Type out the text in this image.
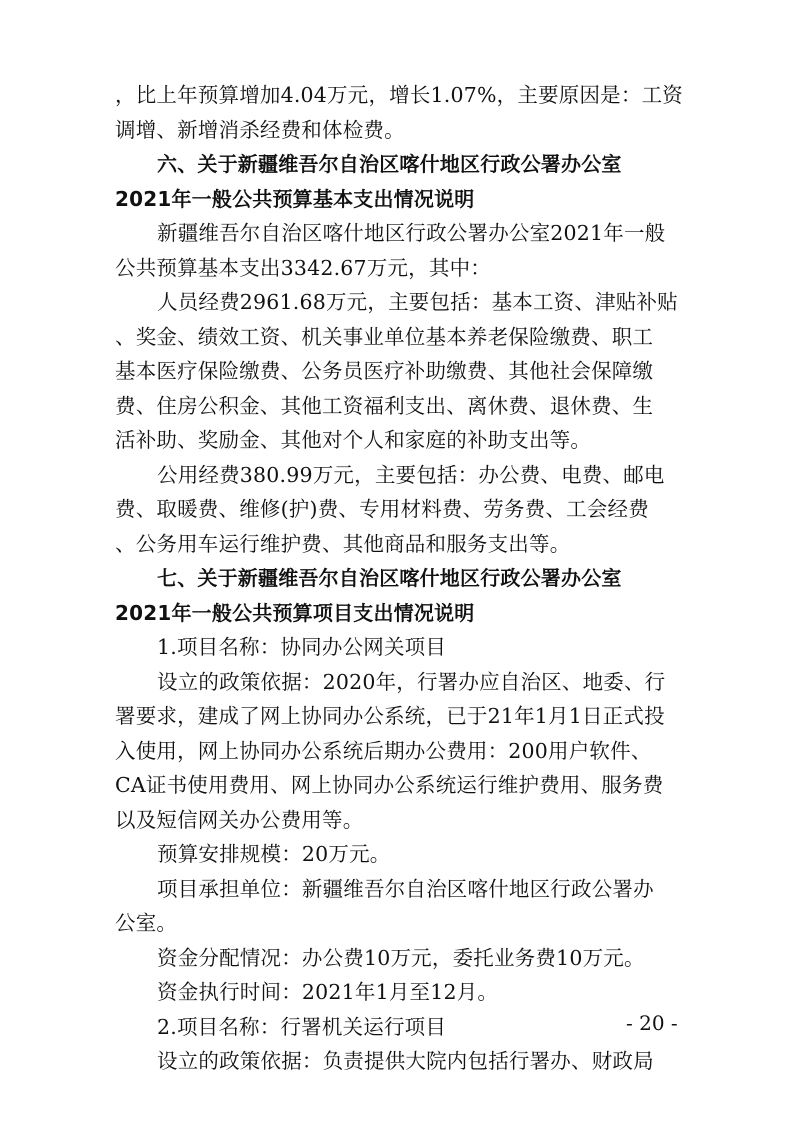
，比上年预算增加4.04万元，增长1.07%，主要原因是：工资
调增、新增消杀经费和体检费。
六、关于新疆维吾尔自治区喀什地区行政公署办公室
2021年一般公共预算基本支出情况说明
新疆维吾尔自治区喀什地区行政公署办公室2021年一般
公共预算基本支出3342.67万元，其中：
人员经费2961.68万元，主要包括：基本工资、津贴补贴
、奖金、绩效工资、机关事业单位基本养老保险缴费、职工
基本医疗保险缴费、公务员医疗补助缴费、其他社会保障缴
费、住房公积金、其他工资福利支出、离休费、退休费、生
活补助、奖励金、其他对个人和家庭的补助支出等。
公用经费380.99万元，主要包括：办公费、电费、邮电
费、取暖费、维修(护)费、专用材料费、劳务费、工会经费
、公务用车运行维护费、其他商品和服务支出等。
七、关于新疆维吾尔自治区喀什地区行政公署办公室
2021年一般公共预算项目支出情况说明
1.项目名称：协同办公网关项目
设立的政策依据：2020年，行署办应自治区、地委、行
署要求，建成了网上协同办公系统，已于21年1月1日正式投
入使用，网上协同办公系统后期办公费用：200用户软件、
CA证书使用费用、网上协同办公系统运行维护费用、服务费
以及短信网关办公费用等。
预算安排规模：20万元。
项目承担单位：新疆维吾尔自治区喀什地区行政公署办
公室。
资金分配情况：办公费10万元，委托业务费10万元。
资金执行时间：2021年1月至12月。
2.项目名称：行署机关运行项目
设立的政策依据：负责提供大院内包括行署办、财政局
- 20 -
